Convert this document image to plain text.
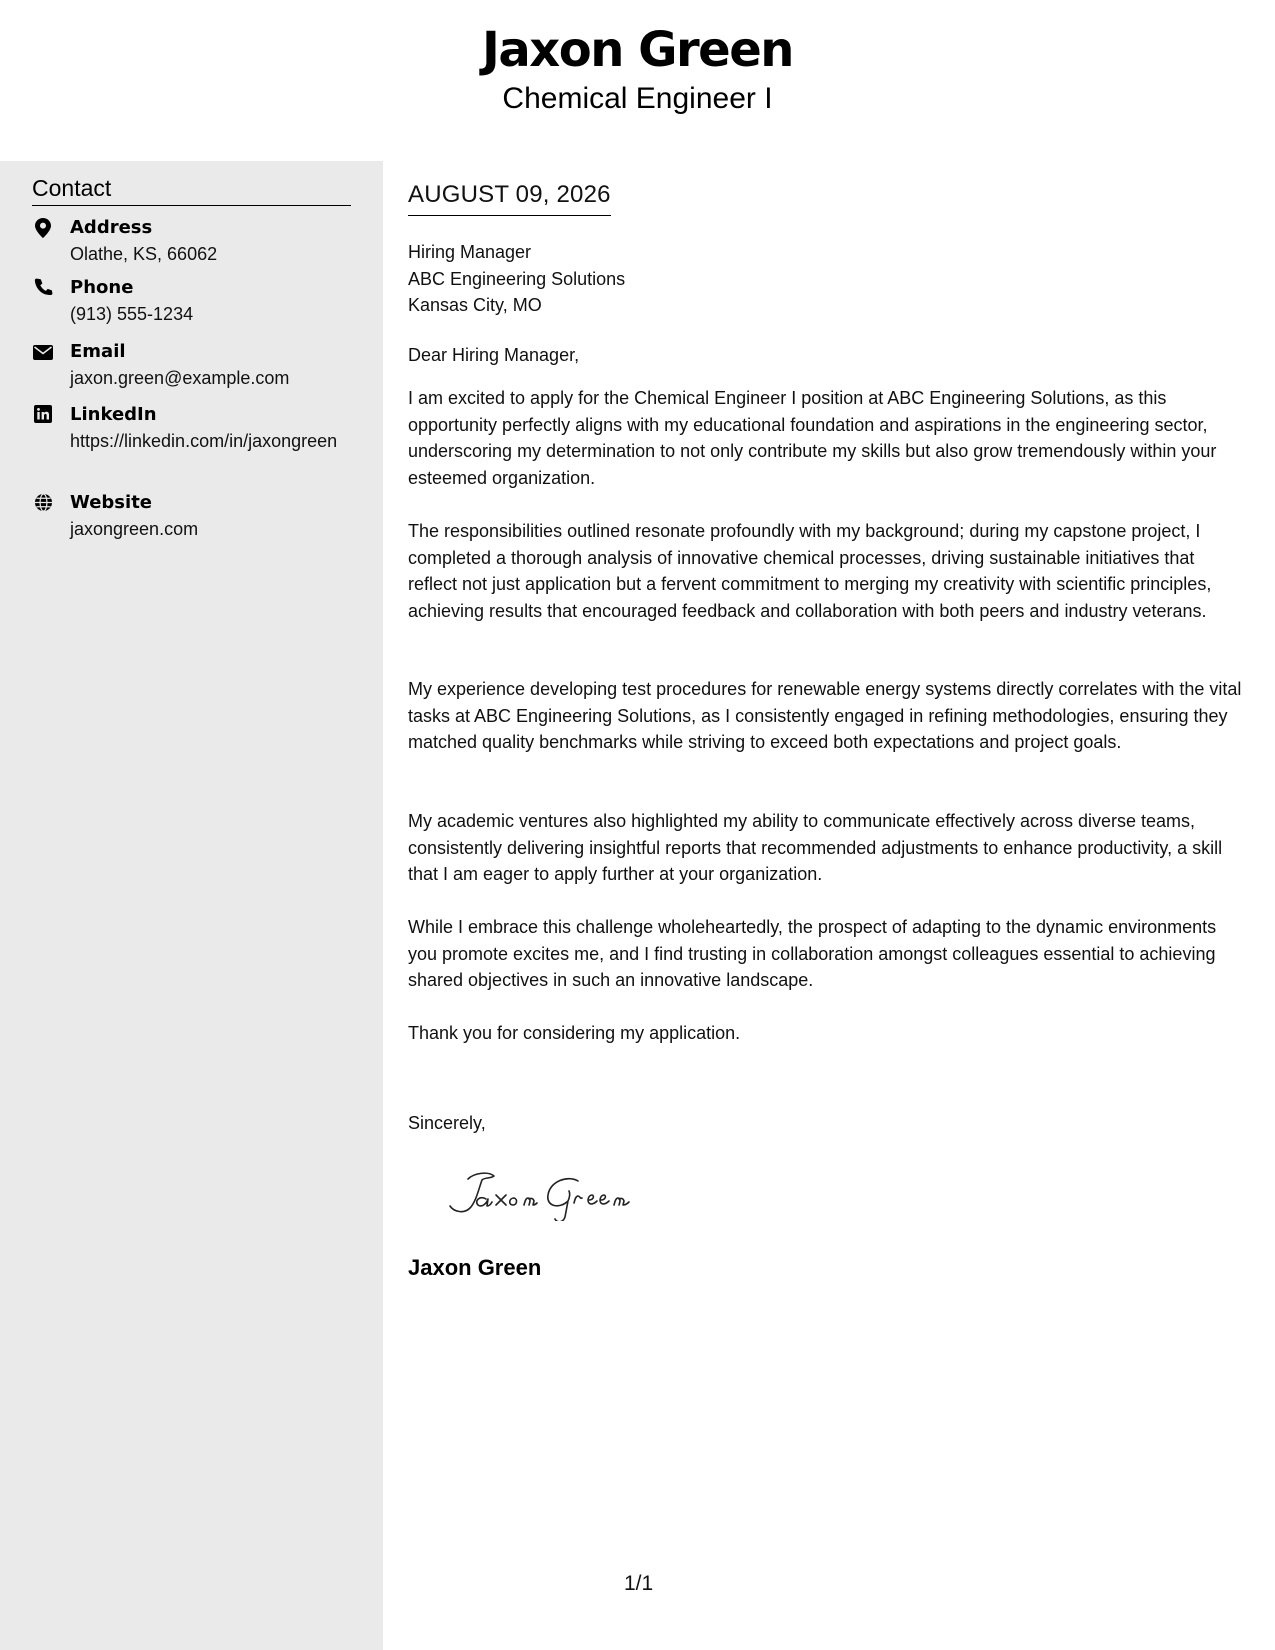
Jaxon Green
Chemical Engineer I
Contact
Address
Olathe, KS, 66062
Phone
(913) 555-1234
Email
jaxon.green@example.com
LinkedIn
https://linkedin.com/in/jaxongreen
Website
jaxongreen.com
AUGUST 09, 2026
Hiring Manager
ABC Engineering Solutions
Kansas City, MO
Dear Hiring Manager,

I am excited to apply for the Chemical Engineer I position at ABC Engineering Solutions, as this opportunity perfectly aligns with my educational foundation and aspirations in the engineering sector, underscoring my determination to not only contribute my skills but also grow tremendously within your esteemed organization.

The responsibilities outlined resonate profoundly with my background; during my capstone project, I completed a thorough analysis of innovative chemical processes, driving sustainable initiatives that reflect not just application but a fervent commitment to merging my creativity with scientific principles, achieving results that encouraged feedback and collaboration with both peers and industry veterans.

My experience developing test procedures for renewable energy systems directly correlates with the vital tasks at ABC Engineering Solutions, as I consistently engaged in refining methodologies, ensuring they matched quality benchmarks while striving to exceed both expectations and project goals.

My academic ventures also highlighted my ability to communicate effectively across diverse teams, consistently delivering insightful reports that recommended adjustments to enhance productivity, a skill that I am eager to apply further at your organization.

While I embrace this challenge wholeheartedly, the prospect of adapting to the dynamic environments you promote excites me, and I find trusting in collaboration amongst colleagues essential to achieving shared objectives in such an innovative landscape.

Thank you for considering my application.

Sincerely,
Jaxon Green
1/1
